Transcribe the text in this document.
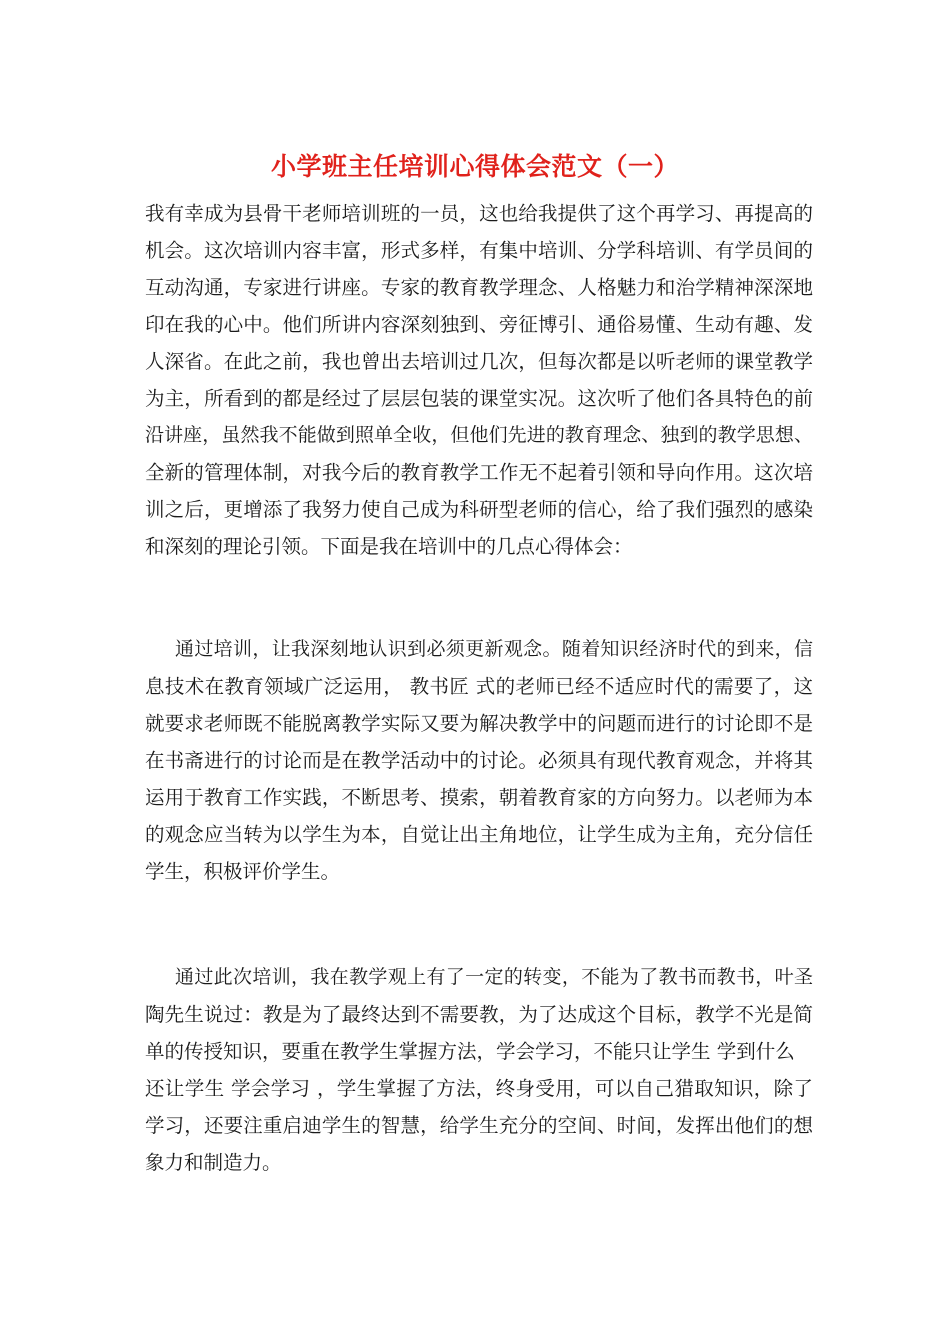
小学班主任培训心得体会范文（一）
我有幸成为县骨干老师培训班的一员，这也给我提供了这个再学习、再提高的
机会。这次培训内容丰富，形式多样，有集中培训、分学科培训、有学员间的
互动沟通，专家进行讲座。专家的教育教学理念、人格魅力和治学精神深深地
印在我的心中。他们所讲内容深刻独到、旁征博引、通俗易懂、生动有趣、发
人深省。在此之前，我也曾出去培训过几次，但每次都是以听老师的课堂教学
为主，所看到的都是经过了层层包装的课堂实况。这次听了他们各具特色的前
沿讲座，虽然我不能做到照单全收，但他们先进的教育理念、独到的教学思想、
全新的管理体制，对我今后的教育教学工作无不起着引领和导向作用。这次培
训之后，更增添了我努力使自己成为科研型老师的信心，给了我们强烈的感染
和深刻的理论引领。下面是我在培训中的几点心得体会：
通过培训，让我深刻地认识到必须更新观念。随着知识经济时代的到来，信
息技术在教育领域广泛运用， 教书匠 式的老师已经不适应时代的需要了，这
就要求老师既不能脱离教学实际又要为解决教学中的问题而进行的讨论即不是
在书斋进行的讨论而是在教学活动中的讨论。必须具有现代教育观念，并将其
运用于教育工作实践，不断思考、摸索，朝着教育家的方向努力。以老师为本
的观念应当转为以学生为本，自觉让出主角地位，让学生成为主角，充分信任
学生，积极评价学生。
通过此次培训，我在教学观上有了一定的转变，不能为了教书而教书，叶圣
陶先生说过：教是为了最终达到不需要教，为了达成这个目标，教学不光是简
单的传授知识，要重在教学生掌握方法，学会学习，不能只让学生 学到什么
还让学生 学会学习 ，学生掌握了方法，终身受用，可以自己猎取知识，除了
学习，还要注重启迪学生的智慧，给学生充分的空间、时间，发挥出他们的想
象力和制造力。
